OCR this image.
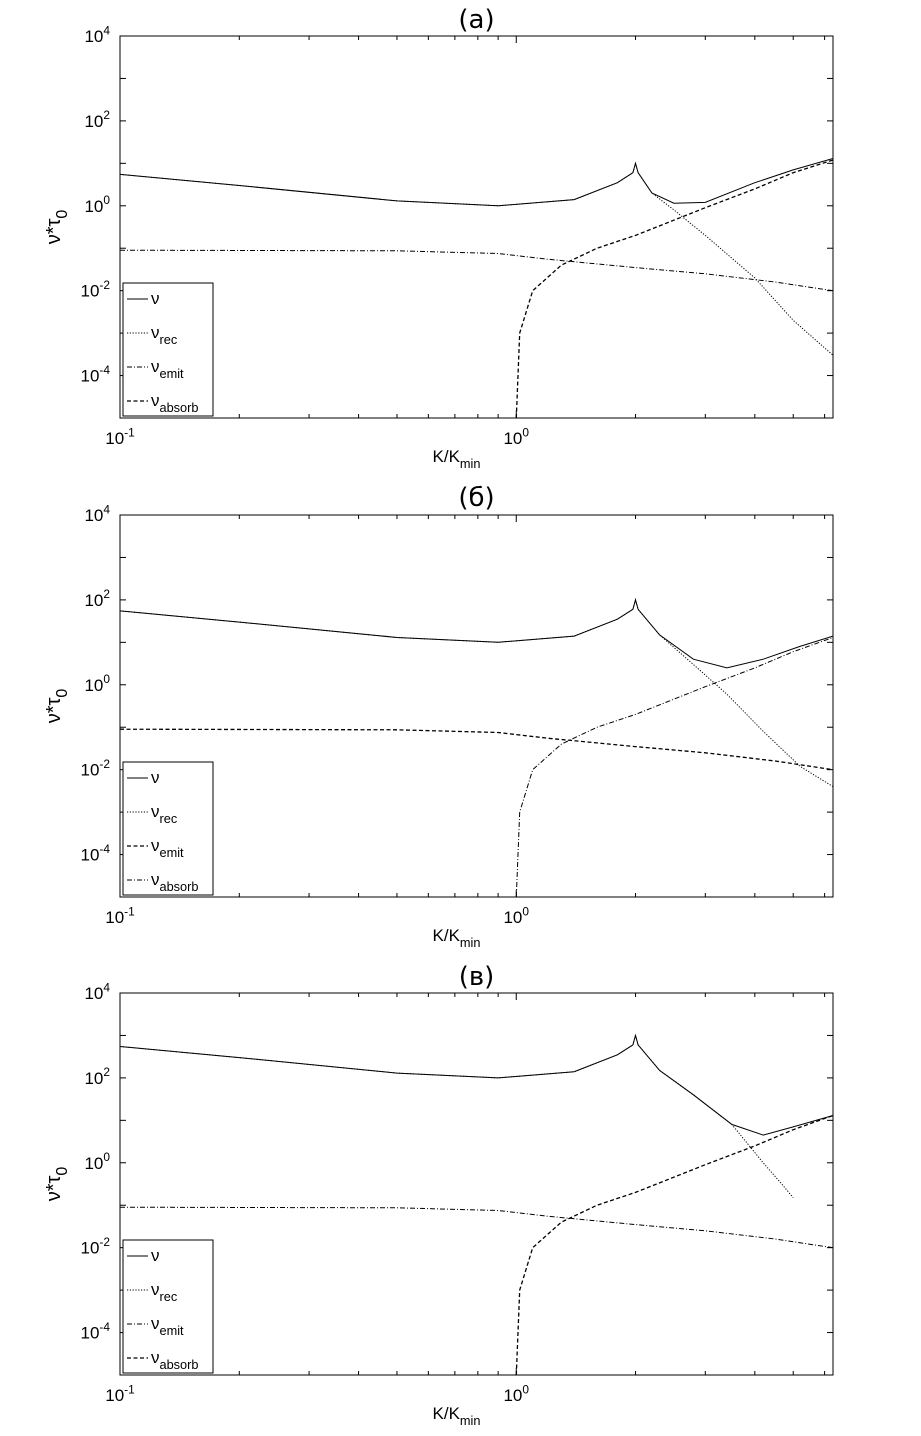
(а)
$10^{-1}$	$10^0$
$10^4$
$10^2$
$10^0$
$10^{-2}$
$10^{-4}$
$K/K_{min}$
$\nu*\tau_0$
ν
$\nu_{rec}$
$\nu_{emit}$
$\nu_{absorb}$
(б)
$10^{-1}$	$10^0$
$10^4$
$10^2$
$10^0$
$10^{-2}$
$10^{-4}$
$K/K_{min}$
$\nu*\tau_0$
ν
$\nu_{rec}$
$\nu_{emit}$
$\nu_{absorb}$
(в)
$10^{-1}$	$10^0$
$10^4$
$10^2$
$10^0$
$10^{-2}$
$10^{-4}$
$K/K_{min}$
$\nu*\tau_0$
ν
$\nu_{rec}$
$\nu_{emit}$
$\nu_{absorb}$
